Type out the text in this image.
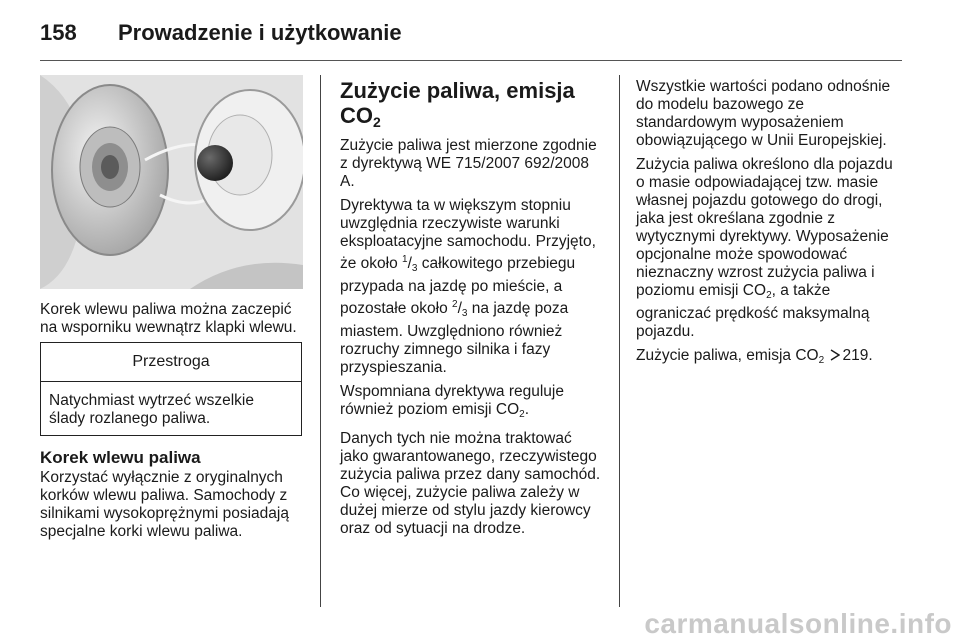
158 Prowadzenie i użytkowanie

Korek wlewu paliwa można zaczepić na wsporniku wewnątrz klapki wlewu.

Przestroga

Natychmiast wytrzeć wszelkie ślady rozlanego paliwa.

Korek wlewu paliwa

Korzystać wyłącznie z oryginalnych korków wlewu paliwa. Samochody z silnikami wysokoprężnymi posiadają specjalne korki wlewu paliwa.

Zużycie paliwa, emisja
$CO_2$

Zużycie paliwa jest mierzone zgodnie z dyrektywą WE 715/2007 692/2008 A.

Dyrektywa ta w większym stopniu uwzględnia rzeczywiste warunki eksploatacyjne samochodu. Przyjęto, że około $^1/_3$ całkowitego przebiegu przypada na jazdę po mieście, a pozostałe około $^2/_3$ na jazdę poza miastem. Uwzględniono również rozruchy zimnego silnika i fazy przyspieszania.

Wspomniana dyrektywa reguluje również poziom emisji $CO_2$.

Danych tych nie można traktować jako gwarantowanego, rzeczywistego zużycia paliwa przez dany samochód. Co więcej, zużycie paliwa zależy w dużej mierze od stylu jazdy kierowcy oraz od sytuacji na drodze.

Wszystkie wartości podano odnośnie do modelu bazowego ze standardowym wyposażeniem obowiązującego w Unii Europejskiej.

Zużycia paliwa określono dla pojazdu o masie odpowiadającej tzw. masie własnej pojazdu gotowego do drogi, jaka jest określana zgodnie z wytycznymi dyrektywy. Wyposażenie opcjonalne może spowodować nieznaczny wzrost zużycia paliwa i poziomu emisji $CO_2$, a także ograniczać prędkość maksymalną pojazdu.

Zużycie paliwa, emisja $CO_2$ 219.

carmanualsonline.info
